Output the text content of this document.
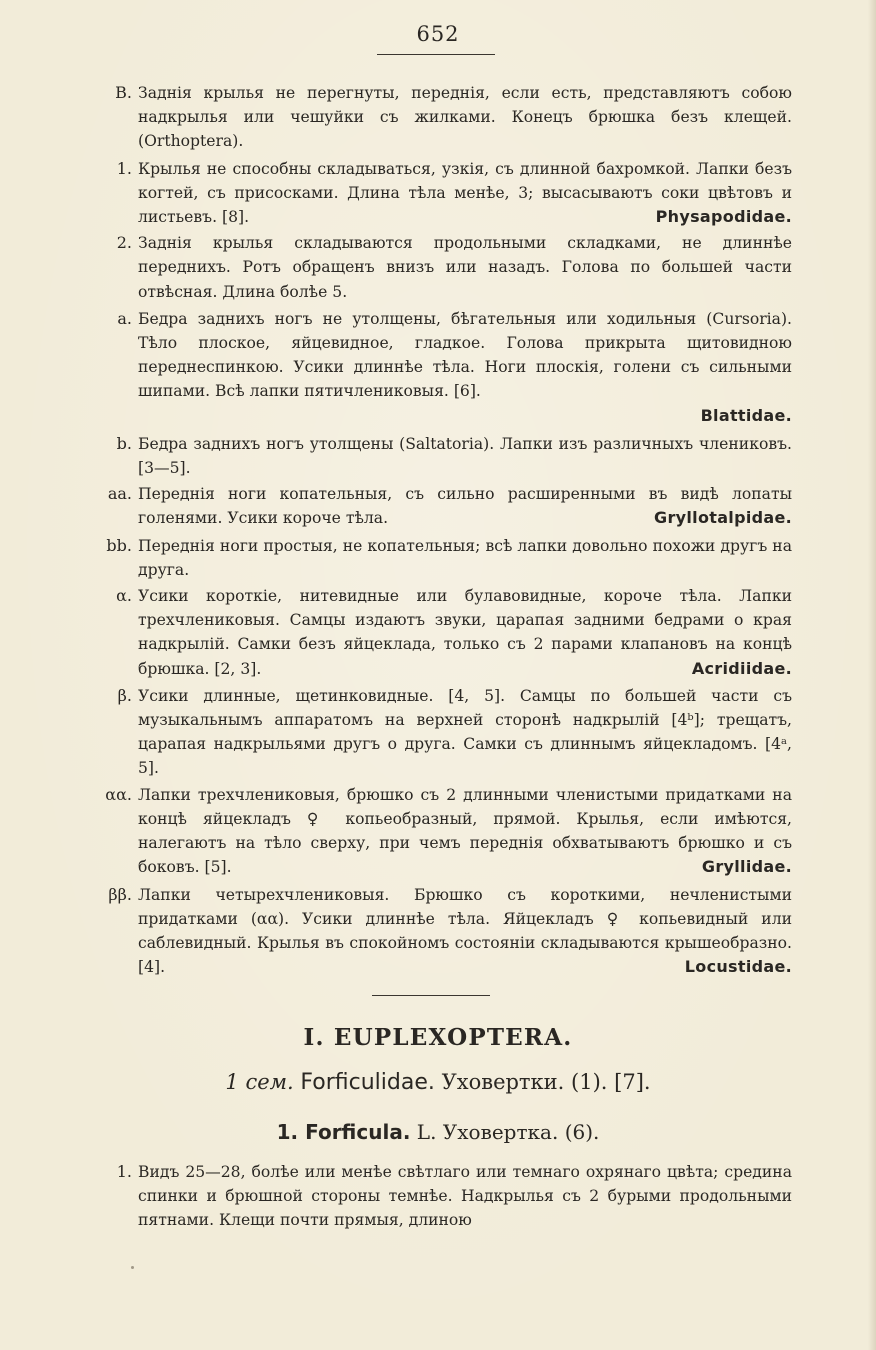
652
B. Заднія крылья не перегнуты, переднія, если есть, представляютъ собою надкрылья или чешуйки съ жилками. Конецъ брюшка безъ клещей. (Orthoptera).
1. Крылья не способны складываться, узкія, съ длинной бахромкой. Лапки безъ когтей, съ присосками. Длина тѣла менѣе, 3; высасываютъ соки цвѣтовъ и листьевъ. [8].	Physapodidae.
2. Заднія крылья складываются продольными складками, не длиннѣе переднихъ. Ротъ обращенъ внизъ или назадъ. Голова по большей части отвѣсная. Длина болѣе 5.
a. Бедра заднихъ ногъ не утолщены, бѣгательныя или ходильныя (Cursoria). Тѣло плоское, яйцевидное, гладкое. Голова прикрыта щитовидною переднеспинкою. Усики длиннѣе тѣла. Ноги плоскія, голени съ сильными шипами. Всѣ лапки пятичлениковыя. [6].
Blattidae.
b. Бедра заднихъ ногъ утолщены (Saltatoria). Лапки изъ различныхъ члениковъ. [3—5].
aa. Переднія ноги копательныя, съ сильно расширенными въ видѣ лопаты голенями. Усики короче тѣла.	Gryllotalpidae.
bb. Переднія ноги простыя, не копательныя; всѣ лапки довольно похожи другъ на друга.
α. Усики короткіе, нитевидные или булавовидные, короче тѣла. Лапки трехчлениковыя. Самцы издаютъ звуки, царапая задними бедрами о края надкрылій. Самки безъ яйцеклада, только съ 2 парами клапановъ на концѣ брюшка. [2, 3].	Acridiidae.
β. Усики длинные, щетинковидные. [4, 5]. Самцы по большей части съ музыкальнымъ аппаратомъ на верхней сторонѣ надкрылій [4ᵇ]; трещатъ, царапая надкрыльями другъ о друга. Самки съ длиннымъ яйцекладомъ. [4ᵃ, 5].
αα. Лапки трехчлениковыя, брюшко съ 2 длинными членистыми придатками на концѣ яйцекладъ ♀ копьеобразный, прямой. Крылья, если имѣются, налегаютъ на тѣло сверху, при чемъ переднія обхватываютъ брюшко и съ боковъ. [5].	Gryllidae.
ββ. Лапки четырехчлениковыя. Брюшко съ короткими, нечленистыми придатками (αα). Усики длиннѣе тѣла. Яйцекладъ ♀ копьевидный или саблевидный. Крылья въ спокойномъ состояніи складываются крышеобразно. [4].	Locustidae.
I. EUPLEXOPTERA.
1 сем. Forficulidae. Уховертки. (1). [7].
1. Forficula. L. Уховертка. (6).
1. Видъ 25—28, болѣе или менѣе свѣтлаго или темнаго охрянаго цвѣта; средина спинки и брюшной стороны темнѣе. Надкрылья съ 2 бурыми продольными пятнами. Клещи почти прямыя, длиною
